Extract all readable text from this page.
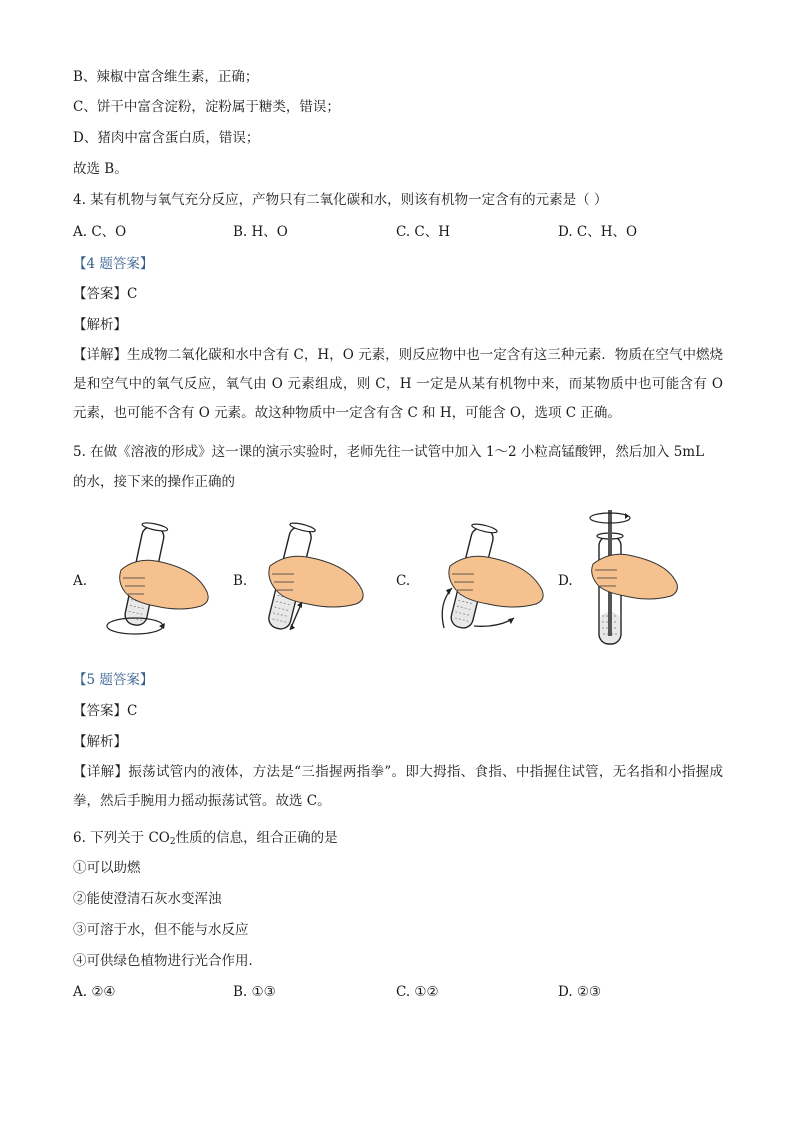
B、辣椒中富含维生素，正确；
C、饼干中富含淀粉，淀粉属于糖类，错误；
D、猪肉中富含蛋白质，错误；
故选 B。
4. 某有机物与氧气充分反应，产物只有二氧化碳和水，则该有机物一定含有的元素是（ ）
A. C、O	B. H、O	C. C、H	D. C、H、O
【4 题答案】
【答案】C
【解析】
【详解】生成物二氧化碳和水中含有 C，H，O 元素，则反应物中也一定含有这三种元素．物质在空气中燃烧是和空气中的氧气反应，氧气由 O 元素组成，则 C，H 一定是从某有机物中来，而某物质中也可能含有 O 元素，也可能不含有 O 元素。故这种物质中一定含有含 C 和 H，可能含 O，选项 C 正确。
5. 在做《溶液的形成》这一课的演示实验时，老师先往一试管中加入 1～2 小粒高锰酸钾，然后加入 5mL
的水，接下来的操作正确的
A.	B.	C.	D.
【5 题答案】
【答案】C
【解析】
【详解】振荡试管内的液体，方法是“三指握两指拳”。即大拇指、食指、中指握住试管，无名指和小指握成拳，然后手腕用力摇动振荡试管。故选 C。
6. 下列关于 $CO_2$性质的信息，组合正确的是
①可以助燃
②能使澄清石灰水变浑浊
③可溶于水，但不能与水反应
④可供绿色植物进行光合作用．
A. ②④	B. ①③	C. ①②	D. ②③
